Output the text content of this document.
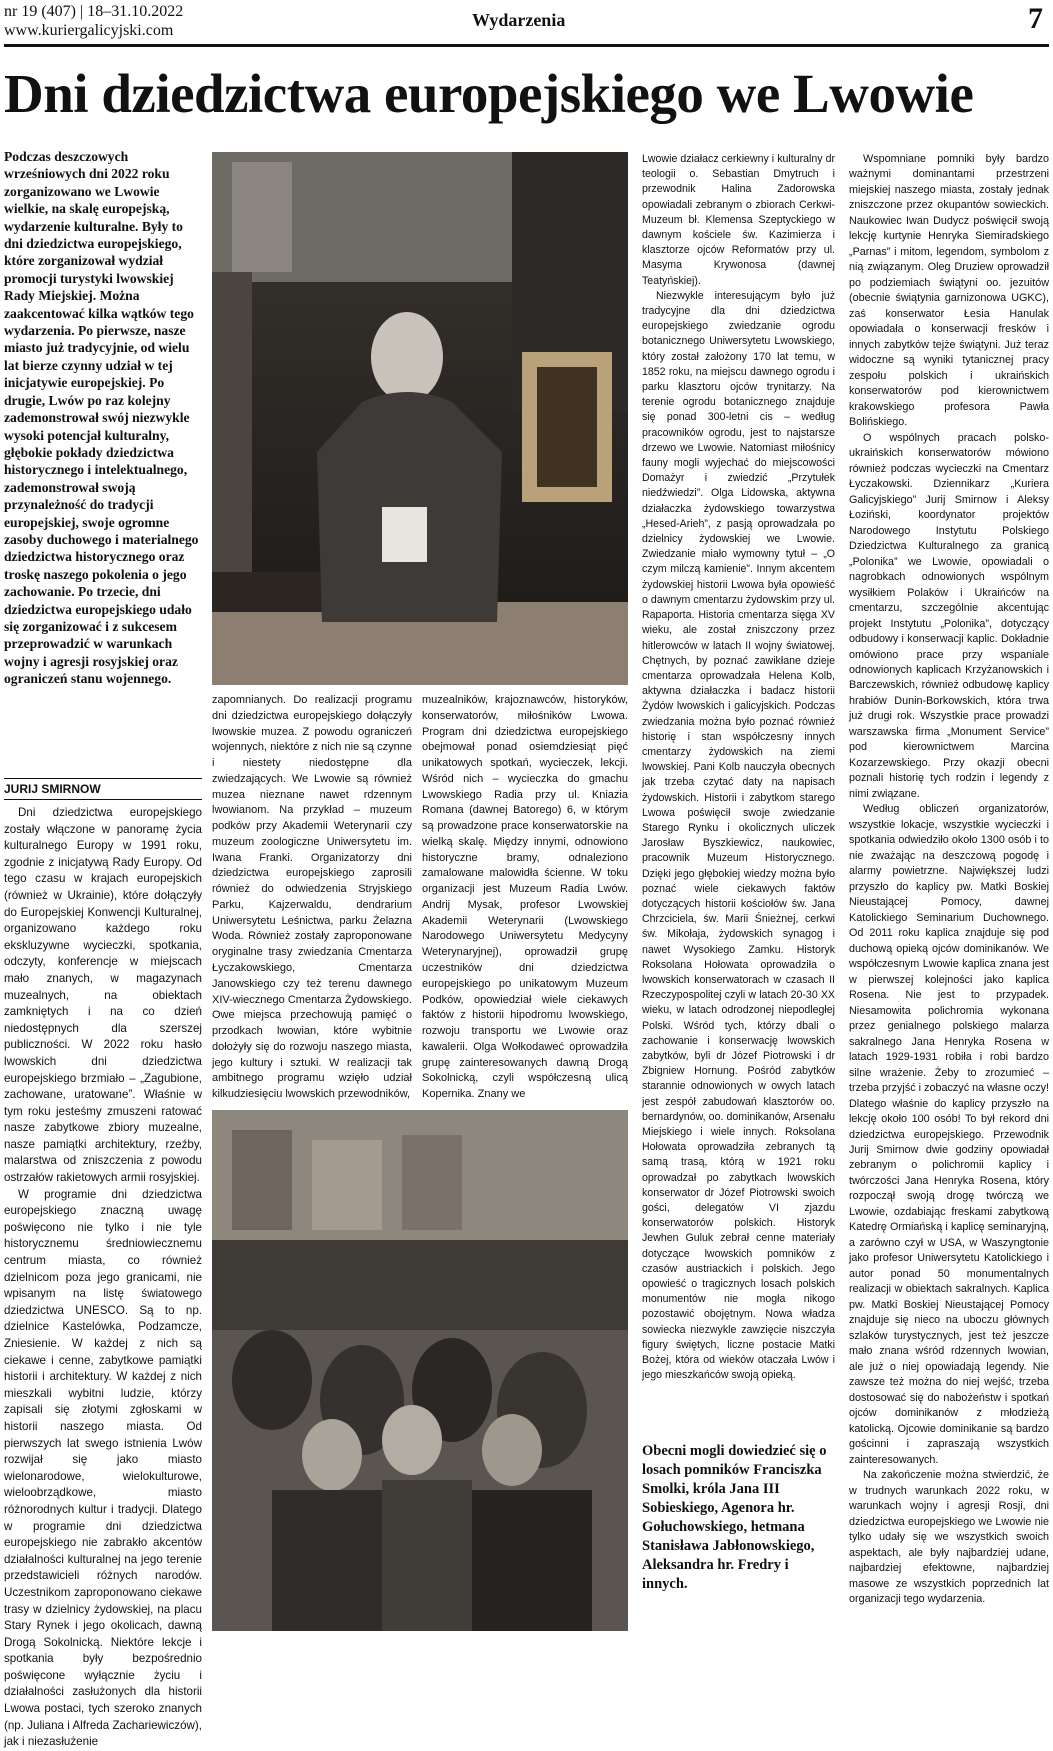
nr 19 (407) | 18–31.10.2022
www.kuriergalicyjski.com
Wydarzenia	7
Dni dziedzictwa europejskiego we Lwowie
Podczas deszczowych wrześniowych dni 2022 roku zorganizowano we Lwowie wielkie, na skalę europejską, wydarzenie kulturalne. Były to dni dziedzictwa europejskiego, które zorganizował wydział promocji turystyki lwowskiej Rady Miejskiej. Można zaakcentować kilka wątków tego wydarzenia. Po pierwsze, nasze miasto już tradycyjnie, od wielu lat bierze czynny udział w tej inicjatywie europejskiej. Po drugie, Lwów po raz kolejny zademonstrował swój niezwykle wysoki potencjał kulturalny, głębokie pokłady dziedzictwa historycznego i intelektualnego, zademonstrował swoją przynależność do tradycji europejskiej, swoje ogromne zasoby duchowego i materialnego dziedzictwa historycznego oraz troskę naszego pokolenia o jego zachowanie. Po trzecie, dni dziedzictwa europejskiego udało się zorganizować i z sukcesem przeprowadzić w warunkach wojny i agresji rosyjskiej oraz ograniczeń stanu wojennego.
JURIJ SMIRNOW

Dni dziedzictwa europejskiego zostały włączone w panoramę życia kulturalnego Europy w 1991 roku, zgodnie z inicjatywą Rady Europy. Od tego czasu w krajach europejskich (również w Ukrainie), które dołączyły do Europejskiej Konwencji Kulturalnej, organizowano każdego roku ekskluzywne wycieczki, spotkania, odczyty, konferencje w miejscach mało znanych, w magazynach muzealnych, na obiektach zamkniętych i na co dzień niedostępnych dla szerszej publiczności. W 2022 roku hasło lwowskich dni dziedzictwa europejskiego brzmiało – „Zagubione, zachowane, uratowane”. Właśnie w tym roku jesteśmy zmuszeni ratować nasze zabytkowe zbiory muzealne, nasze pamiątki architektury, rzeźby, malarstwa od zniszczenia z powodu ostrzałów rakietowych armii rosyjskiej.

W programie dni dziedzictwa europejskiego znaczną uwagę poświęcono nie tylko i nie tyle historycznemu średniowiecznemu centrum miasta, co również dzielnicom poza jego granicami, nie wpisanym na listę światowego dziedzictwa UNESCO. Są to np. dzielnice Kastelówka, Podzamcze, Zniesienie. W każdej z nich są ciekawe i cenne, zabytkowe pamiątki historii i architektury. W każdej z nich mieszkali wybitni ludzie, którzy zapisali się złotymi zgłoskami w historii naszego miasta. Od pierwszych lat swego istnienia Lwów rozwijał się jako miasto wielonarodowe, wielokulturowe, wieloobrządkowe, miasto różnorodnych kultur i tradycji. Dlatego w programie dni dziedzictwa europejskiego nie zabrakło akcentów działalności kulturalnej na jego terenie przedstawicieli różnych narodów. Uczestnikom zaproponowano ciekawe trasy w dzielnicy żydowskiej, na placu Stary Rynek i jego okolicach, dawną Drogą Sokolnicką. Niektóre lekcje i spotkania były bezpośrednio poświęcone wyłącznie życiu i działalności zasłużonych dla historii Lwowa postaci, tych szeroko znanych (np. Juliana i Alfreda Zachariewiczów), jak i niezasłużenie

zapomnianych. Do realizacji programu dni dziedzictwa europejskiego dołączyły lwowskie muzea. Z powodu ograniczeń wojennych, niektóre z nich nie są czynne i niestety niedostępne dla zwiedzających. We Lwowie są również muzea nieznane nawet rdzennym lwowianom. Na przykład – muzeum podków przy Akademii Weterynarii czy muzeum zoologiczne Uniwersytetu im. Iwana Franki. Organizatorzy dni dziedzictwa europejskiego zaprosili również do odwiedzenia Stryjskiego Parku, Kajzerwaldu, dendrarium Uniwersytetu Leśnictwa, parku Żelazna Woda. Również zostały zaproponowane oryginalne trasy zwiedzania Cmentarza Łyczakowskiego, Cmentarza Janowskiego czy też terenu dawnego XIV-wiecznego Cmentarza Żydowskiego. Owe miejsca przechowują pamięć o przodkach lwowian, które wybitnie dołożyły się do rozwoju naszego miasta, jego kultury i sztuki. W realizacji tak ambitnego programu wzięło udział kilkudziesięciu lwowskich przewodników,

muzealników, krajoznawców, historyków, konserwatorów, miłośników Lwowa. Program dni dziedzictwa europejskiego obejmował ponad osiemdziesiąt pięć unikatowych spotkań, wycieczek, lekcji. Wśród nich – wycieczka do gmachu Lwowskiego Radia przy ul. Kniazia Romana (dawnej Batorego) 6, w którym są prowadzone prace konserwatorskie na wielką skalę. Między innymi, odnowiono historyczne bramy, odnaleziono zamalowane malowidła ścienne. W toku organizacji jest Muzeum Radia Lwów. Andrij Mysak, profesor Lwowskiej Akademii Weterynarii (Lwowskiego Narodowego Uniwersytetu Medycyny Weterynaryjnej), oprowadził grupę uczestników dni dziedzictwa europejskiego po unikatowym Muzeum Podków, opowiedział wiele ciekawych faktów z historii hipodromu lwowskiego, rozwoju transportu we Lwowie oraz kawalerii. Olga Wołkodaweć oprowadziła grupę zainteresowanych dawną Drogą Sokolnicką, czyli współczesną ulicą Kopernika. Znany we

Lwowie działacz cerkiewny i kulturalny dr teologii o. Sebastian Dmytruch i przewodnik Halina Zadorowska opowiadali zebranym o zbiorach Cerkwi-Muzeum bł. Klemensa Szeptyckiego w dawnym kościele św. Kazimierza i klasztorze ojców Reformatów przy ul. Masyma Krywonosa (dawnej Teatyńskiej).

Niezwykle interesującym było już tradycyjne dla dni dziedzictwa europejskiego zwiedzanie ogrodu botanicznego Uniwersytetu Lwowskiego, który został założony 170 lat temu, w 1852 roku, na miejscu dawnego ogrodu i parku klasztoru ojców trynitarzy. Na terenie ogrodu botanicznego znajduje się ponad 300-letni cis – według pracowników ogrodu, jest to najstarsze drzewo we Lwowie. Natomiast miłośnicy fauny mogli wyjechać do miejscowości Domażyr i zwiedzić „Przytułek niedźwiedzi”. Olga Lidowska, aktywna działaczka żydowskiego towarzystwa „Hesed-Arieh”, z pasją oprowadzała po dzielnicy żydowskiej we Lwowie. Zwiedzanie miało wymowny tytuł – „O czym milczą kamienie”. Innym akcentem żydowskiej historii Lwowa była opowieść o dawnym cmentarzu żydowskim przy ul. Rapaporta. Historia cmentarza sięga XV wieku, ale został zniszczony przez hitlerowców w latach II wojny światowej. Chętnych, by poznać zawikłane dzieje cmentarza oprowadzała Helena Kolb, aktywna działaczka i badacz historii Żydów lwowskich i galicyjskich. Podczas zwiedzania można było poznać również historię i stan współczesny innych cmentarzy żydowskich na ziemi lwowskiej. Pani Kolb nauczyła obecnych jak trzeba czytać daty na napisach żydowskich. Historii i zabytkom starego Lwowa poświęcił swoje zwiedzanie Starego Rynku i okolicznych uliczek Jarosław Byszkiewicz, naukowiec, pracownik Muzeum Historycznego. Dzięki jego głębokiej wiedzy można było poznać wiele ciekawych faktów dotyczących historii kościołów św. Jana Chrzciciela, św. Marii Śnieżnej, cerkwi św. Mikołaja, żydowskich synagog i nawet Wysokiego Zamku. Historyk Roksolana Hołowata oprowadziła o lwowskich konserwatorach w czasach II Rzeczypospolitej czyli w latach 20-30 XX wieku, w latach odrodzonej niepodległej Polski. Wśród tych, którzy dbali o zachowanie i konserwację lwowskich zabytków, byli dr Józef Piotrowski i dr Zbigniew Hornung. Pośród zabytków starannie odnowionych w owych latach jest zespół zabudowań klasztorów oo. bernardynów, oo. dominikanów, Arsenału Miejskiego i wiele innych. Roksolana Hołowata oprowadziła zebranych tą samą trasą, którą w 1921 roku oprowadzał po zabytkach lwowskich konserwator dr Józef Piotrowski swoich gości, delegatów VI zjazdu konserwatorów polskich. Historyk Jewhen Guluk zebrał cenne materiały dotyczące lwowskich pomników z czasów austriackich i polskich. Jego opowieść o tragicznych losach polskich monumentów nie mogła nikogo pozostawić obojętnym. Nowa władza sowiecka niezwykle zawzięcie niszczyła figury świętych, liczne postacie Matki Bożej, która od wieków otaczała Lwów i jego mieszkańców swoją opieką.

Obecni mogli dowiedzieć się o losach pomników Franciszka Smolki, króla Jana III Sobieskiego, Agenora hr. Gołuchowskiego, hetmana Stanisława Jabłonowskiego, Aleksandra hr. Fredry i innych.

Wspomniane pomniki były bardzo ważnymi dominantami przestrzeni miejskiej naszego miasta, zostały jednak zniszczone przez okupantów sowieckich. Naukowiec Iwan Dudycz poświęcił swoją lekcję kurtynie Henryka Siemiradskiego „Parnas” i mitom, legendom, symbolom z nią związanym. Oleg Druziew oprowadził po podziemiach świątyni oo. jezuitów (obecnie świątynia garnizonowa UGKC), zaś konserwator Łesia Hanulak opowiadała o konserwacji fresków i innych zabytków tejże świątyni. Już teraz widoczne są wyniki tytanicznej pracy zespołu polskich i ukraińskich konserwatorów pod kierownictwem krakowskiego profesora Pawła Bolińskiego.

O wspólnych pracach polsko-ukraińskich konserwatorów mówiono również podczas wycieczki na Cmentarz Łyczakowski. Dziennikarz „Kuriera Galicyjskiego” Jurij Smirnow i Aleksy Łoziński, koordynator projektów Narodowego Instytutu Polskiego Dziedzictwa Kulturalnego za granicą „Polonika” we Lwowie, opowiadali o nagrobkach odnowionych wspólnym wysiłkiem Polaków i Ukraińców na cmentarzu, szczególnie akcentując projekt Instytutu „Polonika”, dotyczący odbudowy i konserwacji kaplic. Dokładnie omówiono prace przy wspaniale odnowionych kaplicach Krzyżanowskich i Barczewskich, również odbudowę kaplicy hrabiów Dunin-Borkowskich, która trwa już drugi rok. Wszystkie prace prowadzi warszawska firma „Monument Service” pod kierownictwem Marcina Kozarzewskiego. Przy okazji obecni poznali historię tych rodzin i legendy z nimi związane.

Według obliczeń organizatorów, wszystkie lokacje, wszystkie wycieczki i spotkania odwiedziło około 1300 osób i to nie zważając na deszczową pogodę i alarmy powietrzne. Największej ludzi przyszło do kaplicy pw. Matki Boskiej Nieustającej Pomocy, dawnej Katolickiego Seminarium Duchownego. Od 2011 roku kaplica znajduje się pod duchową opieką ojców dominikanów. We współczesnym Lwowie kaplica znana jest w pierwszej kolejności jako kaplica Rosena. Nie jest to przypadek. Niesamowita polichromia wykonana przez genialnego polskiego malarza sakralnego Jana Henryka Rosena w latach 1929-1931 robiła i robi bardzo silne wrażenie. Żeby to zrozumieć – trzeba przyjść i zobaczyć na własne oczy! Dlatego właśnie do kaplicy przyszło na lekcję około 100 osób! To był rekord dni dziedzictwa europejskiego. Przewodnik Jurij Smirnow dwie godziny opowiadał zebranym o polichromii kaplicy i twórczości Jana Henryka Rosena, który rozpoczął swoją drogę twórczą we Lwowie, ozdabiając freskami zabytkową Katedrę Ormiańską i kaplicę seminaryjną, a zarówno czył w USA, w Waszyngtonie jako profesor Uniwersytetu Katolickiego i autor ponad 50 monumentalnych realizacji w obiektach sakralnych. Kaplica pw. Matki Boskiej Nieustającej Pomocy znajduje się nieco na uboczu głównych szlaków turystycznych, jest też jeszcze mało znana wśród rdzennych lwowian, ale już o niej opowiadają legendy. Nie zawsze też można do niej wejść, trzeba dostosować się do nabożeństw i spotkań ojców dominikanów z młodzieżą katolicką. Ojcowie dominikanie są bardzo gościnni i zapraszają wszystkich zainteresowanych.

Na zakończenie można stwierdzić, że w trudnych warunkach 2022 roku, w warunkach wojny i agresji Rosji, dni dziedzictwa europejskiego we Lwowie nie tylko udały się we wszystkich swoich aspektach, ale były najbardziej udane, najbardziej efektowne, najbardziej masowe ze wszystkich poprzednich lat organizacji tego wydarzenia.
